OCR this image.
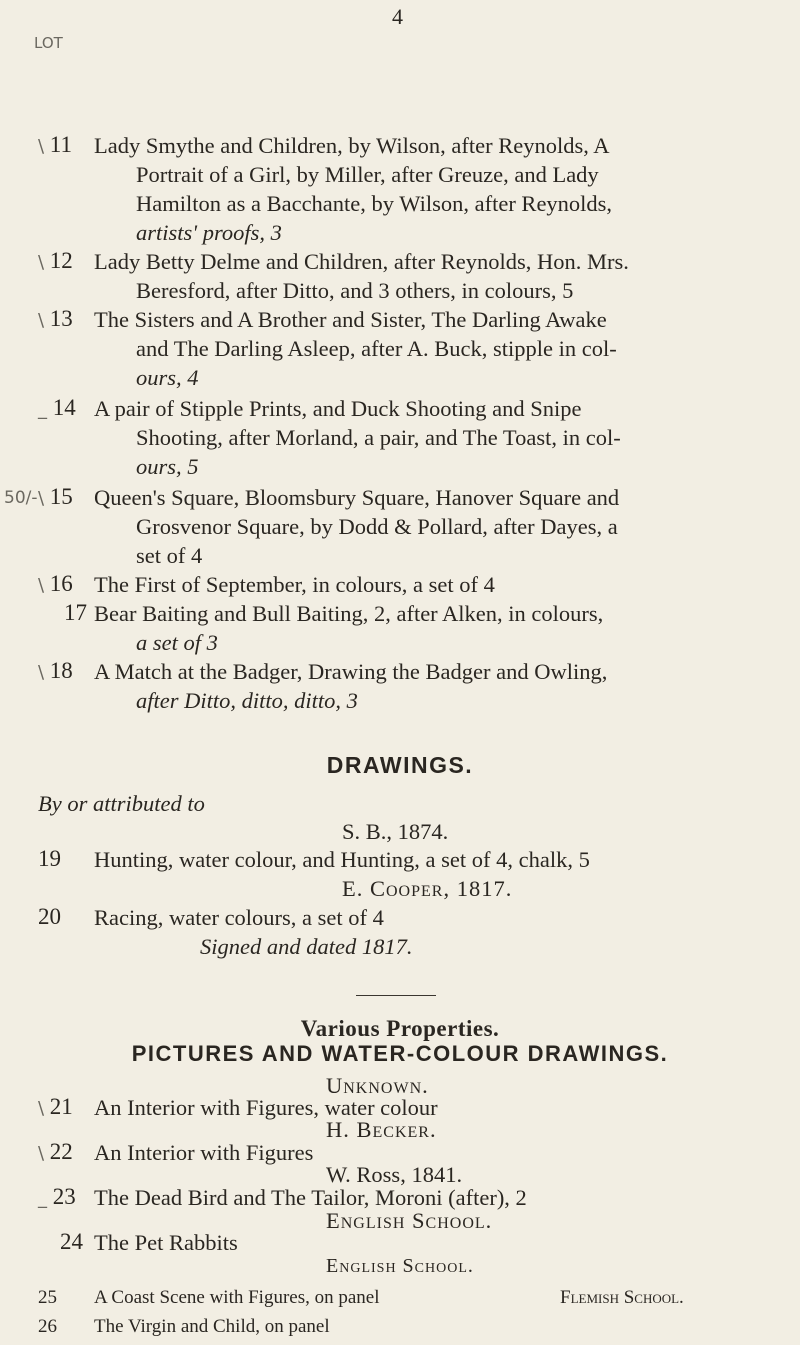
4
LOT
50/-
\ 11 Lady Smythe and Children, by Wilson, after Reynolds, A
Portrait of a Girl, by Miller, after Greuze, and Lady
Hamilton as a Bacchante, by Wilson, after Reynolds,
artists' proofs, 3
\ 12 Lady Betty Delme and Children, after Reynolds, Hon. Mrs.
Beresford, after Ditto, and 3 others, in colours, 5
\ 13 The Sisters and A Brother and Sister, The Darling Awake
and The Darling Asleep, after A. Buck, stipple in col-
ours, 4
_ 14 A pair of Stipple Prints, and Duck Shooting and Snipe
Shooting, after Morland, a pair, and The Toast, in col-
ours, 5
\ 15 Queen's Square, Bloomsbury Square, Hanover Square and
Grosvenor Square, by Dodd & Pollard, after Dayes, a
set of 4
\ 16 The First of September, in colours, a set of 4
17 Bear Baiting and Bull Baiting, 2, after Alken, in colours,
a set of 3
\ 18 A Match at the Badger, Drawing the Badger and Owling,
after Ditto, ditto, ditto, 3
DRAWINGS.
By or attributed to
S. B., 1874.
19	Hunting, water colour, and Hunting, a set of 4, chalk, 5
E. Cooper, 1817.
20	Racing, water colours, a set of 4
Signed and dated 1817.
Various Properties.
PICTURES AND WATER-COLOUR DRAWINGS.
Unknown.
\ 21 An Interior with Figures, water colour
H. Becker.
\ 22 An Interior with Figures
W. Ross, 1841.
_ 23 The Dead Bird and The Tailor, Moroni (after), 2
English School.
24 The Pet Rabbits
English School.
25 A Coast Scene with Figures, on panel	Flemish School.
26 The Virgin and Child, on panel
